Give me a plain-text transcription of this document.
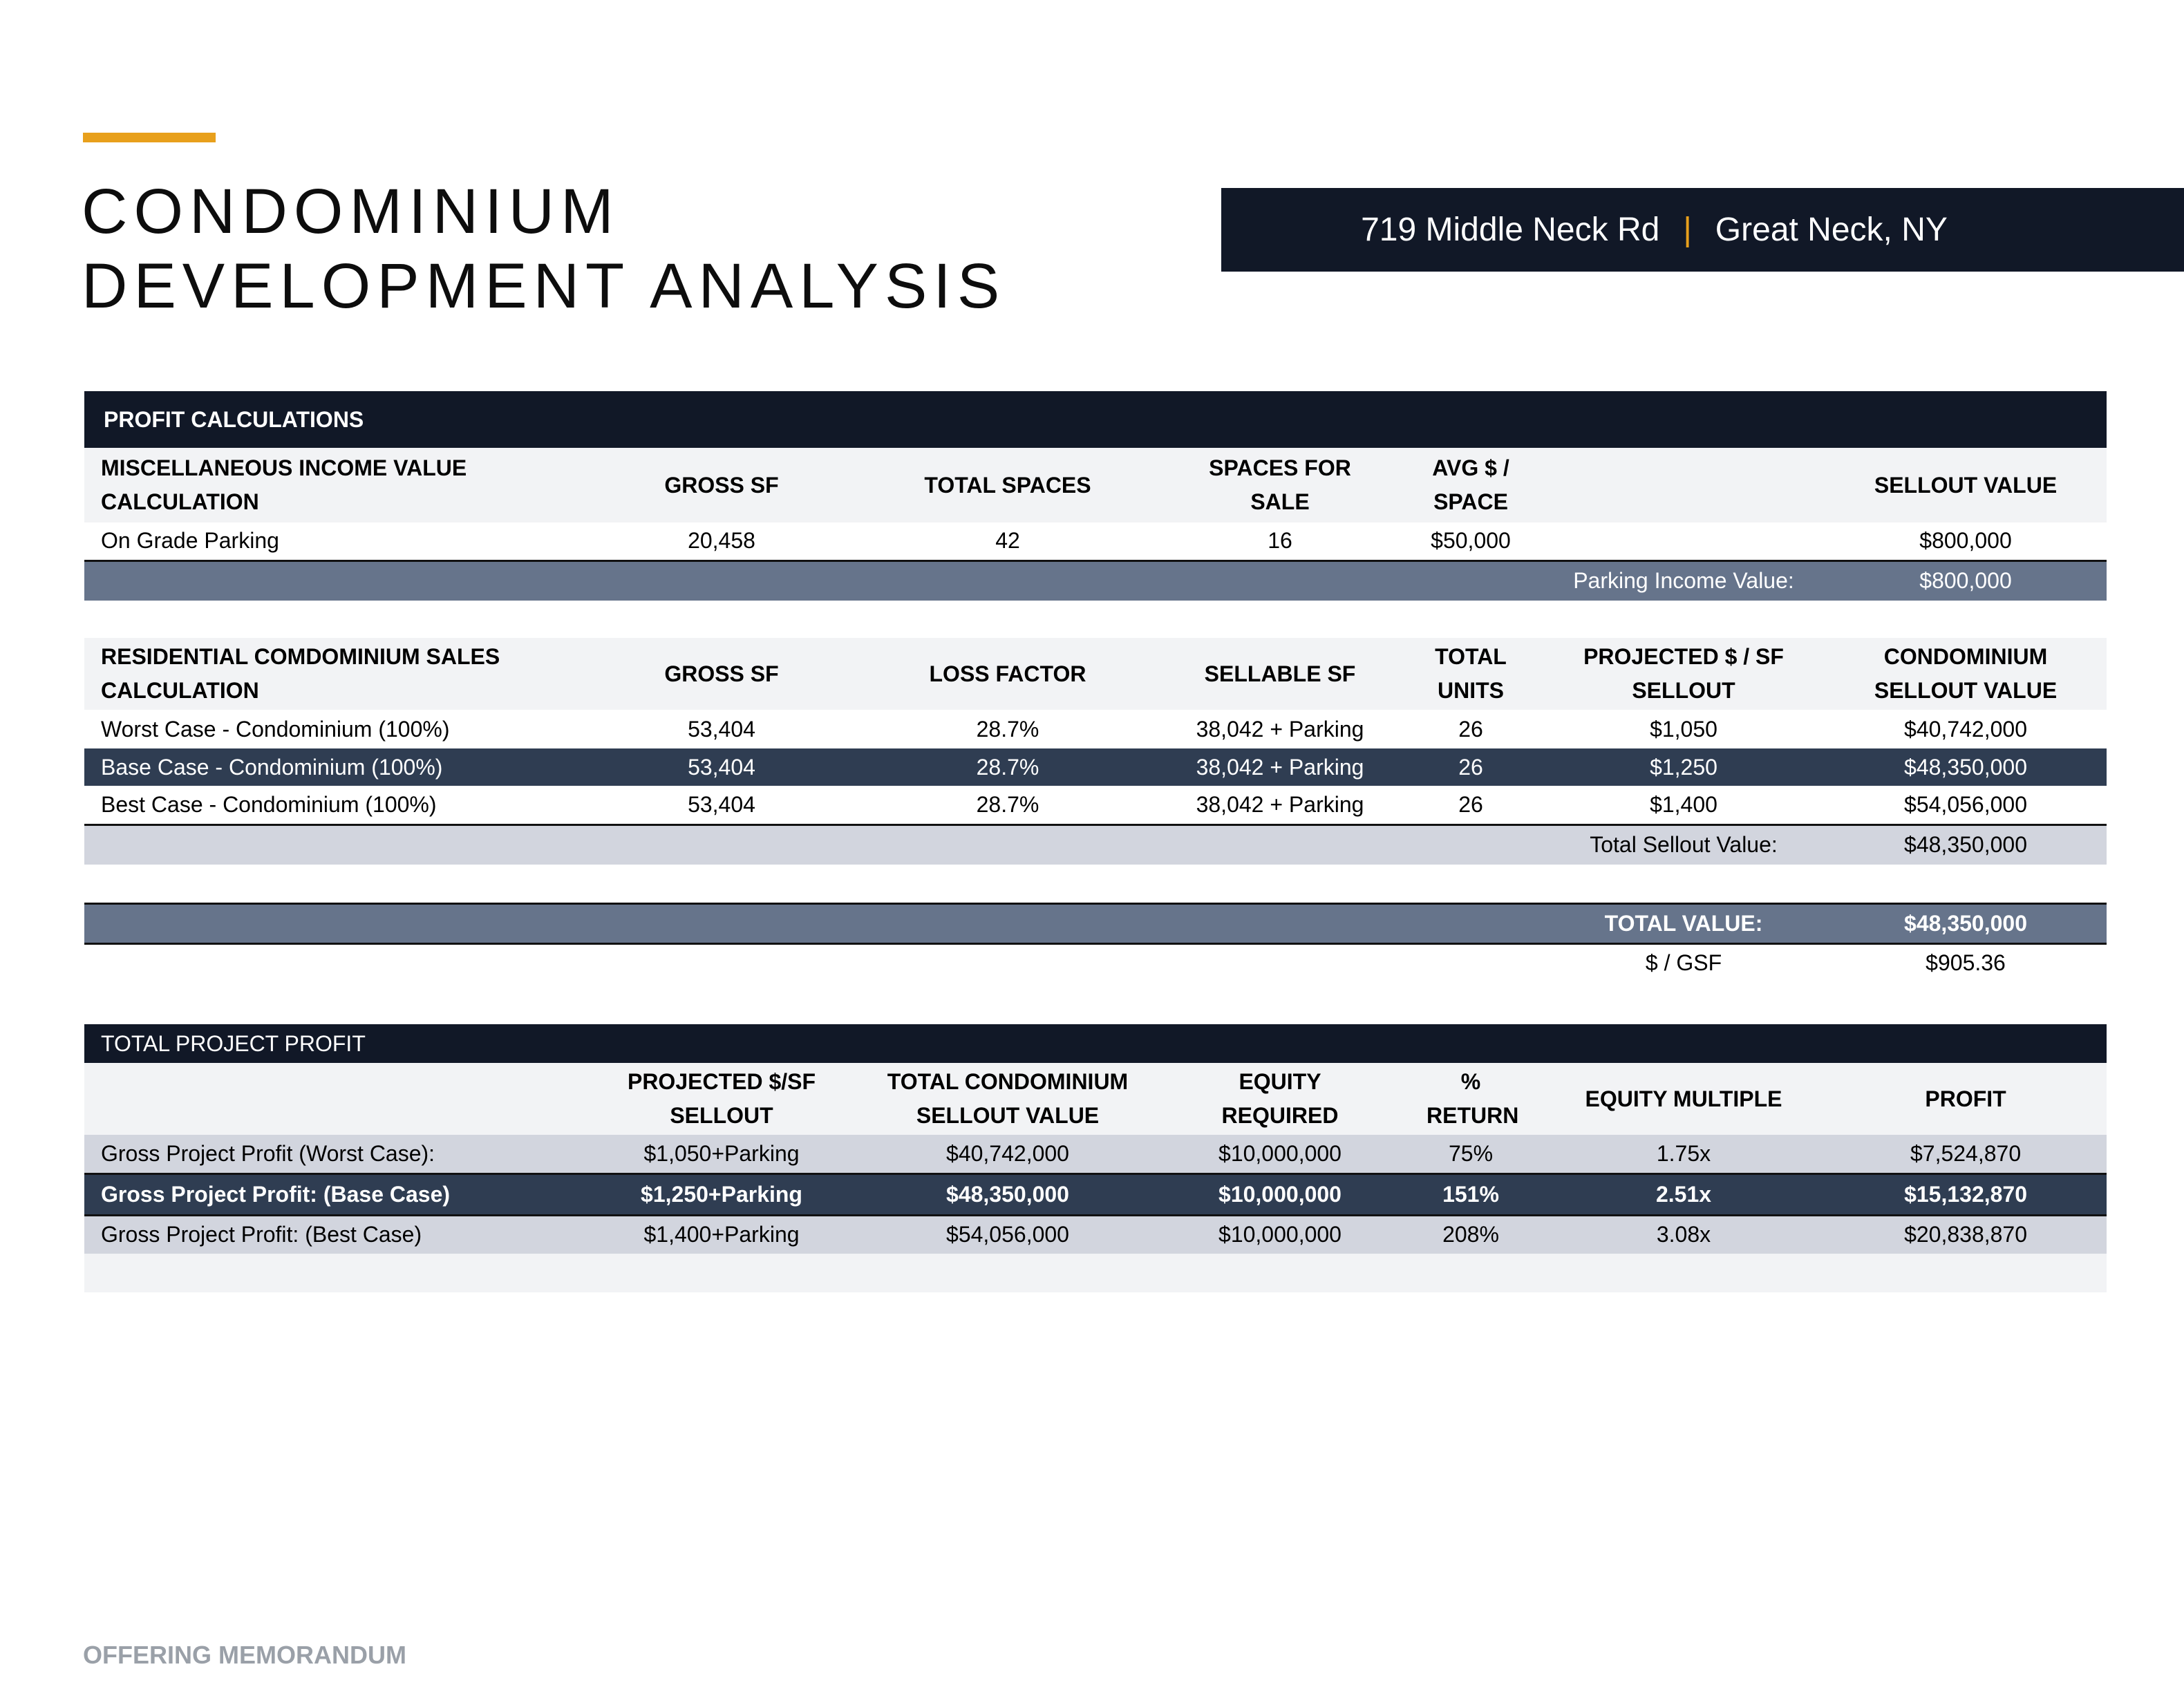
CONDOMINIUM
DEVELOPMENT ANALYSIS
719 Middle Neck Rd | Great Neck, NY
PROFIT CALCULATIONS						
MISCELLANEOUS INCOME VALUE CALCULATION	GROSS SF	TOTAL SPACES	SPACES FOR SALE	AVG $ / SPACE		SELLOUT VALUE
On Grade Parking	20,458	42	16	$50,000		$800,000
					Parking Income Value:	$800,000

RESIDENTIAL COMDOMINIUM SALES CALCULATION	GROSS SF	LOSS FACTOR	SELLABLE SF	TOTAL UNITS	PROJECTED $ / SF SELLOUT	CONDOMINIUM SELLOUT VALUE
Worst Case - Condominium (100%)	53,404	28.7%	38,042 + Parking	26	$1,050	$40,742,000
Base Case - Condominium (100%)	53,404	28.7%	38,042 + Parking	26	$1,250	$48,350,000
Best Case - Condominium (100%)	53,404	28.7%	38,042 + Parking	26	$1,400	$54,056,000
					Total Sellout Value:	$48,350,000

					TOTAL VALUE:	$48,350,000
					$ / GSF	$905.36
TOTAL PROJECT PROFIT						
	PROJECTED $/SF SELLOUT	TOTAL CONDOMINIUM SELLOUT VALUE	EQUITY REQUIRED	% RETURN	EQUITY MULTIPLE	PROFIT
Gross Project Profit (Worst Case):	$1,050+Parking	$40,742,000	$10,000,000	75%	1.75x	$7,524,870
Gross Project Profit: (Base Case)	$1,250+Parking	$48,350,000	$10,000,000	151%	2.51x	$15,132,870
Gross Project Profit: (Best Case)	$1,400+Parking	$54,056,000	$10,000,000	208%	3.08x	$20,838,870

OFFERING MEMORANDUM
